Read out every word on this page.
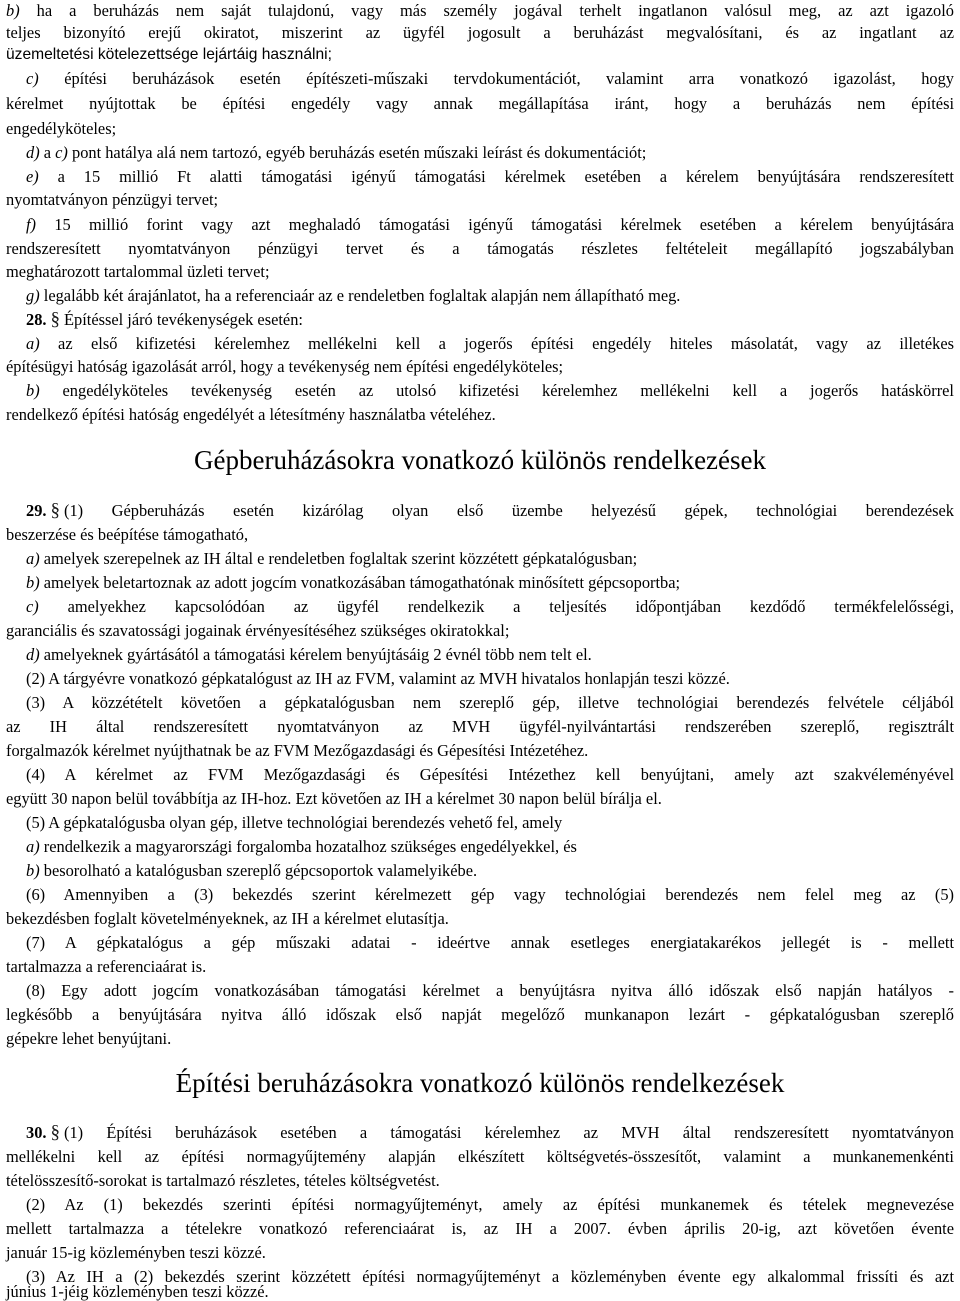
b) ha a beruházás nem saját tulajdonú, vagy más személy jogával terhelt ingatlanon valósul meg, az azt igazoló
teljes bizonyító erejű okiratot, miszerint az ügyfél jogosult a beruházást megvalósítani, és az ingatlant az
üzemeltetési kötelezettsége lejártáig használni;
c) építési beruházások esetén építészeti-műszaki tervdokumentációt, valamint arra vonatkozó igazolást, hogy
kérelmet nyújtottak be építési engedély vagy annak megállapítása iránt, hogy a beruházás nem építési
engedélyköteles;
d) a c) pont hatálya alá nem tartozó, egyéb beruházás esetén műszaki leírást és dokumentációt;
e) a 15 millió Ft alatti támogatási igényű támogatási kérelmek esetében a kérelem benyújtására rendszeresített
nyomtatványon pénzügyi tervet;
f) 15 millió forint vagy azt meghaladó támogatási igényű támogatási kérelmek esetében a kérelem benyújtására
rendszeresített nyomtatványon pénzügyi tervet és a támogatás részletes feltételeit megállapító jogszabályban
meghatározott tartalommal üzleti tervet;
g) legalább két árajánlatot, ha a referenciaár az e rendeletben foglaltak alapján nem állapítható meg.
28. § Építéssel járó tevékenységek esetén:
a) az első kifizetési kérelemhez mellékelni kell a jogerős építési engedély hiteles másolatát, vagy az illetékes
építésügyi hatóság igazolását arról, hogy a tevékenység nem építési engedélyköteles;
b) engedélyköteles tevékenység esetén az utolsó kifizetési kérelemhez mellékelni kell a jogerős hatáskörrel
rendelkező építési hatóság engedélyét a létesítmény használatba vételéhez.
Gépberuházásokra vonatkozó különös rendelkezések
29. § (1) Gépberuházás esetén kizárólag olyan első üzembe helyezésű gépek, technológiai berendezések
beszerzése és beépítése támogatható,
a) amelyek szerepelnek az IH által e rendeletben foglaltak szerint közzétett gépkatalógusban;
b) amelyek beletartoznak az adott jogcím vonatkozásában támogathatónak minősített gépcsoportba;
c) amelyekhez kapcsolódóan az ügyfél rendelkezik a teljesítés időpontjában kezdődő termékfelelősségi,
garanciális és szavatossági jogainak érvényesítéséhez szükséges okiratokkal;
d) amelyeknek gyártásától a támogatási kérelem benyújtásáig 2 évnél több nem telt el.
(2) A tárgyévre vonatkozó gépkatalógust az IH az FVM, valamint az MVH hivatalos honlapján teszi közzé.
(3) A közzétételt követően a gépkatalógusban nem szereplő gép, illetve technológiai berendezés felvétele céljából
az IH által rendszeresített nyomtatványon az MVH ügyfél-nyilvántartási rendszerében szereplő, regisztrált
forgalmazók kérelmet nyújthatnak be az FVM Mezőgazdasági és Gépesítési Intézetéhez.
(4) A kérelmet az FVM Mezőgazdasági és Gépesítési Intézethez kell benyújtani, amely azt szakvéleményével
együtt 30 napon belül továbbítja az IH-hoz. Ezt követően az IH a kérelmet 30 napon belül bírálja el.
(5) A gépkatalógusba olyan gép, illetve technológiai berendezés vehető fel, amely
a) rendelkezik a magyarországi forgalomba hozatalhoz szükséges engedélyekkel, és
b) besorolható a katalógusban szereplő gépcsoportok valamelyikébe.
(6) Amennyiben a (3) bekezdés szerint kérelmezett gép vagy technológiai berendezés nem felel meg az (5)
bekezdésben foglalt követelményeknek, az IH a kérelmet elutasítja.
(7) A gépkatalógus a gép műszaki adatai - ideértve annak esetleges energiatakarékos jellegét is - mellett
tartalmazza a referenciaárat is.
(8) Egy adott jogcím vonatkozásában támogatási kérelmet a benyújtásra nyitva álló időszak első napján hatályos -
legkésőbb a benyújtására nyitva álló időszak első napját megelőző munkanapon lezárt - gépkatalógusban szereplő
gépekre lehet benyújtani.
Építési beruházásokra vonatkozó különös rendelkezések
30. § (1) Építési beruházások esetében a támogatási kérelemhez az MVH által rendszeresített nyomtatványon
mellékelni kell az építési normagyűjtemény alapján elkészített költségvetés-összesítőt, valamint a munkanemenkénti
tételösszesítő-sorokat is tartalmazó részletes, tételes költségvetést.
(2) Az (1) bekezdés szerinti építési normagyűjteményt, amely az építési munkanemek és tételek megnevezése
mellett tartalmazza a tételekre vonatkozó referenciaárat is, az IH a 2007. évben április 20-ig, azt követően évente
január 15-ig közleményben teszi közzé.
(3) Az IH a (2) bekezdés szerint közzétett építési normagyűjteményt a közleményben évente egy alkalommal frissíti és azt
június 1-jéig közleményben teszi közzé.
